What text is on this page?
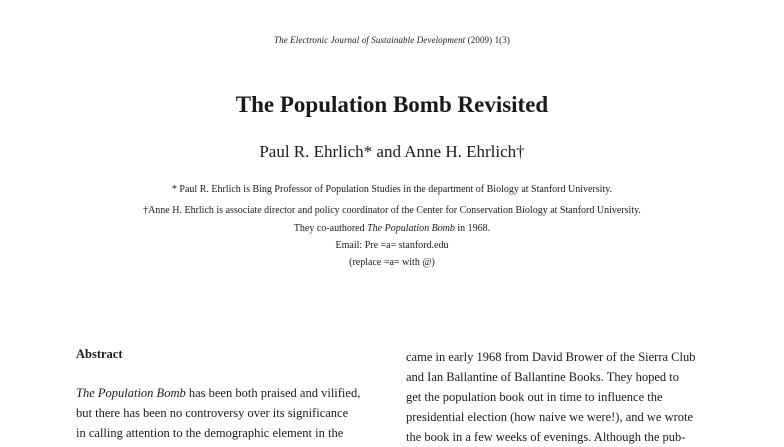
The Electronic Journal of Sustainable Development (2009) 1(3)
The Population Bomb Revisited
Paul R. Ehrlich* and Anne H. Ehrlich†
* Paul R. Ehrlich is Bing Professor of Population Studies in the department of Biology at Stanford University.
†Anne H. Ehrlich is associate director and policy coordinator of the Center for Conservation Biology at Stanford University.
They co-authored The Population Bomb in 1968.
Email: Pre =a= stanford.edu
(replace =a= with @)
Abstract
The Population Bomb has been both praised and vilified,
but there has been no controversy over its significance
in calling attention to the demographic element in the
came in early 1968 from David Brower of the Sierra Club
and Ian Ballantine of Ballantine Books. They hoped to
get the population book out in time to influence the
presidential election (how naive we were!), and we wrote
the book in a few weeks of evenings. Although the pub-
